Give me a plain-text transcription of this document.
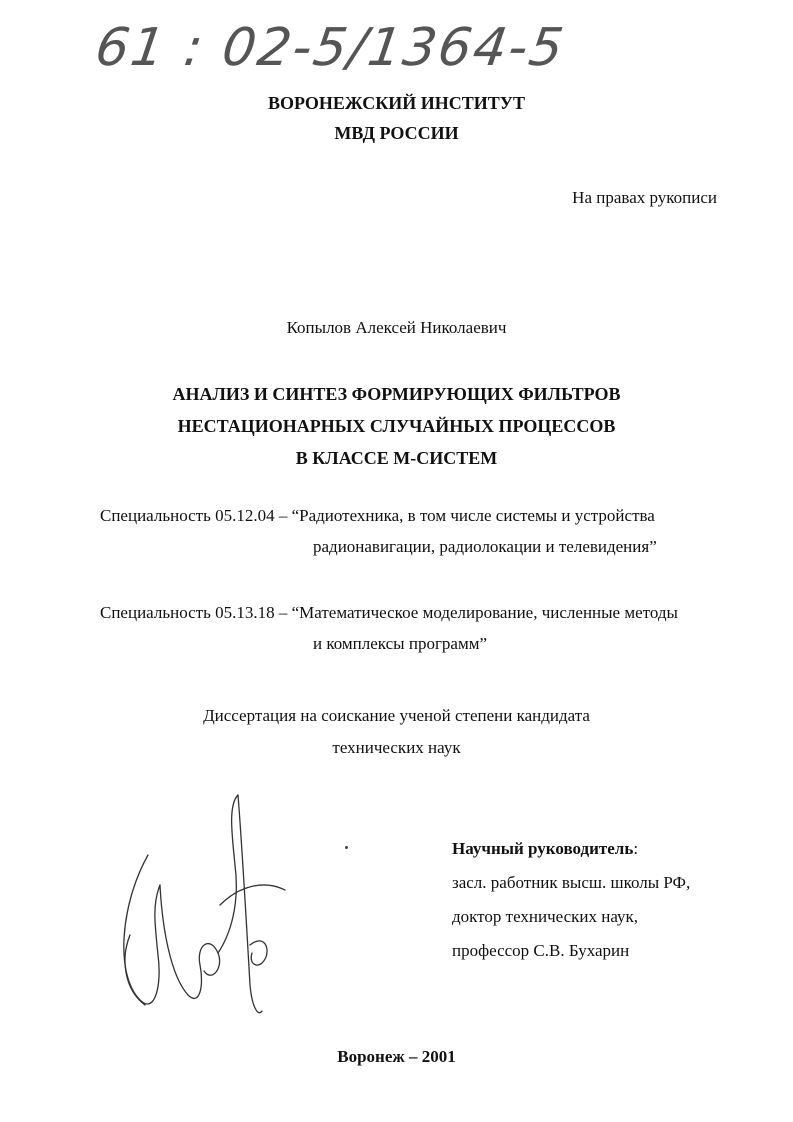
61 : 02-5/1364-5
ВОРОНЕЖСКИЙ ИНСТИТУТ
МВД РОССИИ
На правах рукописи
Копылов Алексей Николаевич
АНАЛИЗ И СИНТЕЗ ФОРМИРУЮЩИХ ФИЛЬТРОВ
НЕСТАЦИОНАРНЫХ СЛУЧАЙНЫХ ПРОЦЕССОВ
В КЛАССЕ М-СИСТЕМ
Специальность 05.12.04 – “Радиотехника, в том числе системы и устройства
радионавигации, радиолокации и телевидения”
Специальность 05.13.18 – “Математическое моделирование, численные методы
и комплексы программ”
Диссертация на соискание ученой степени кандидата
технических наук
Научный руководитель:
засл. работник высш. школы РФ,
доктор технических наук,
профессор С.В. Бухарин
Воронеж – 2001
